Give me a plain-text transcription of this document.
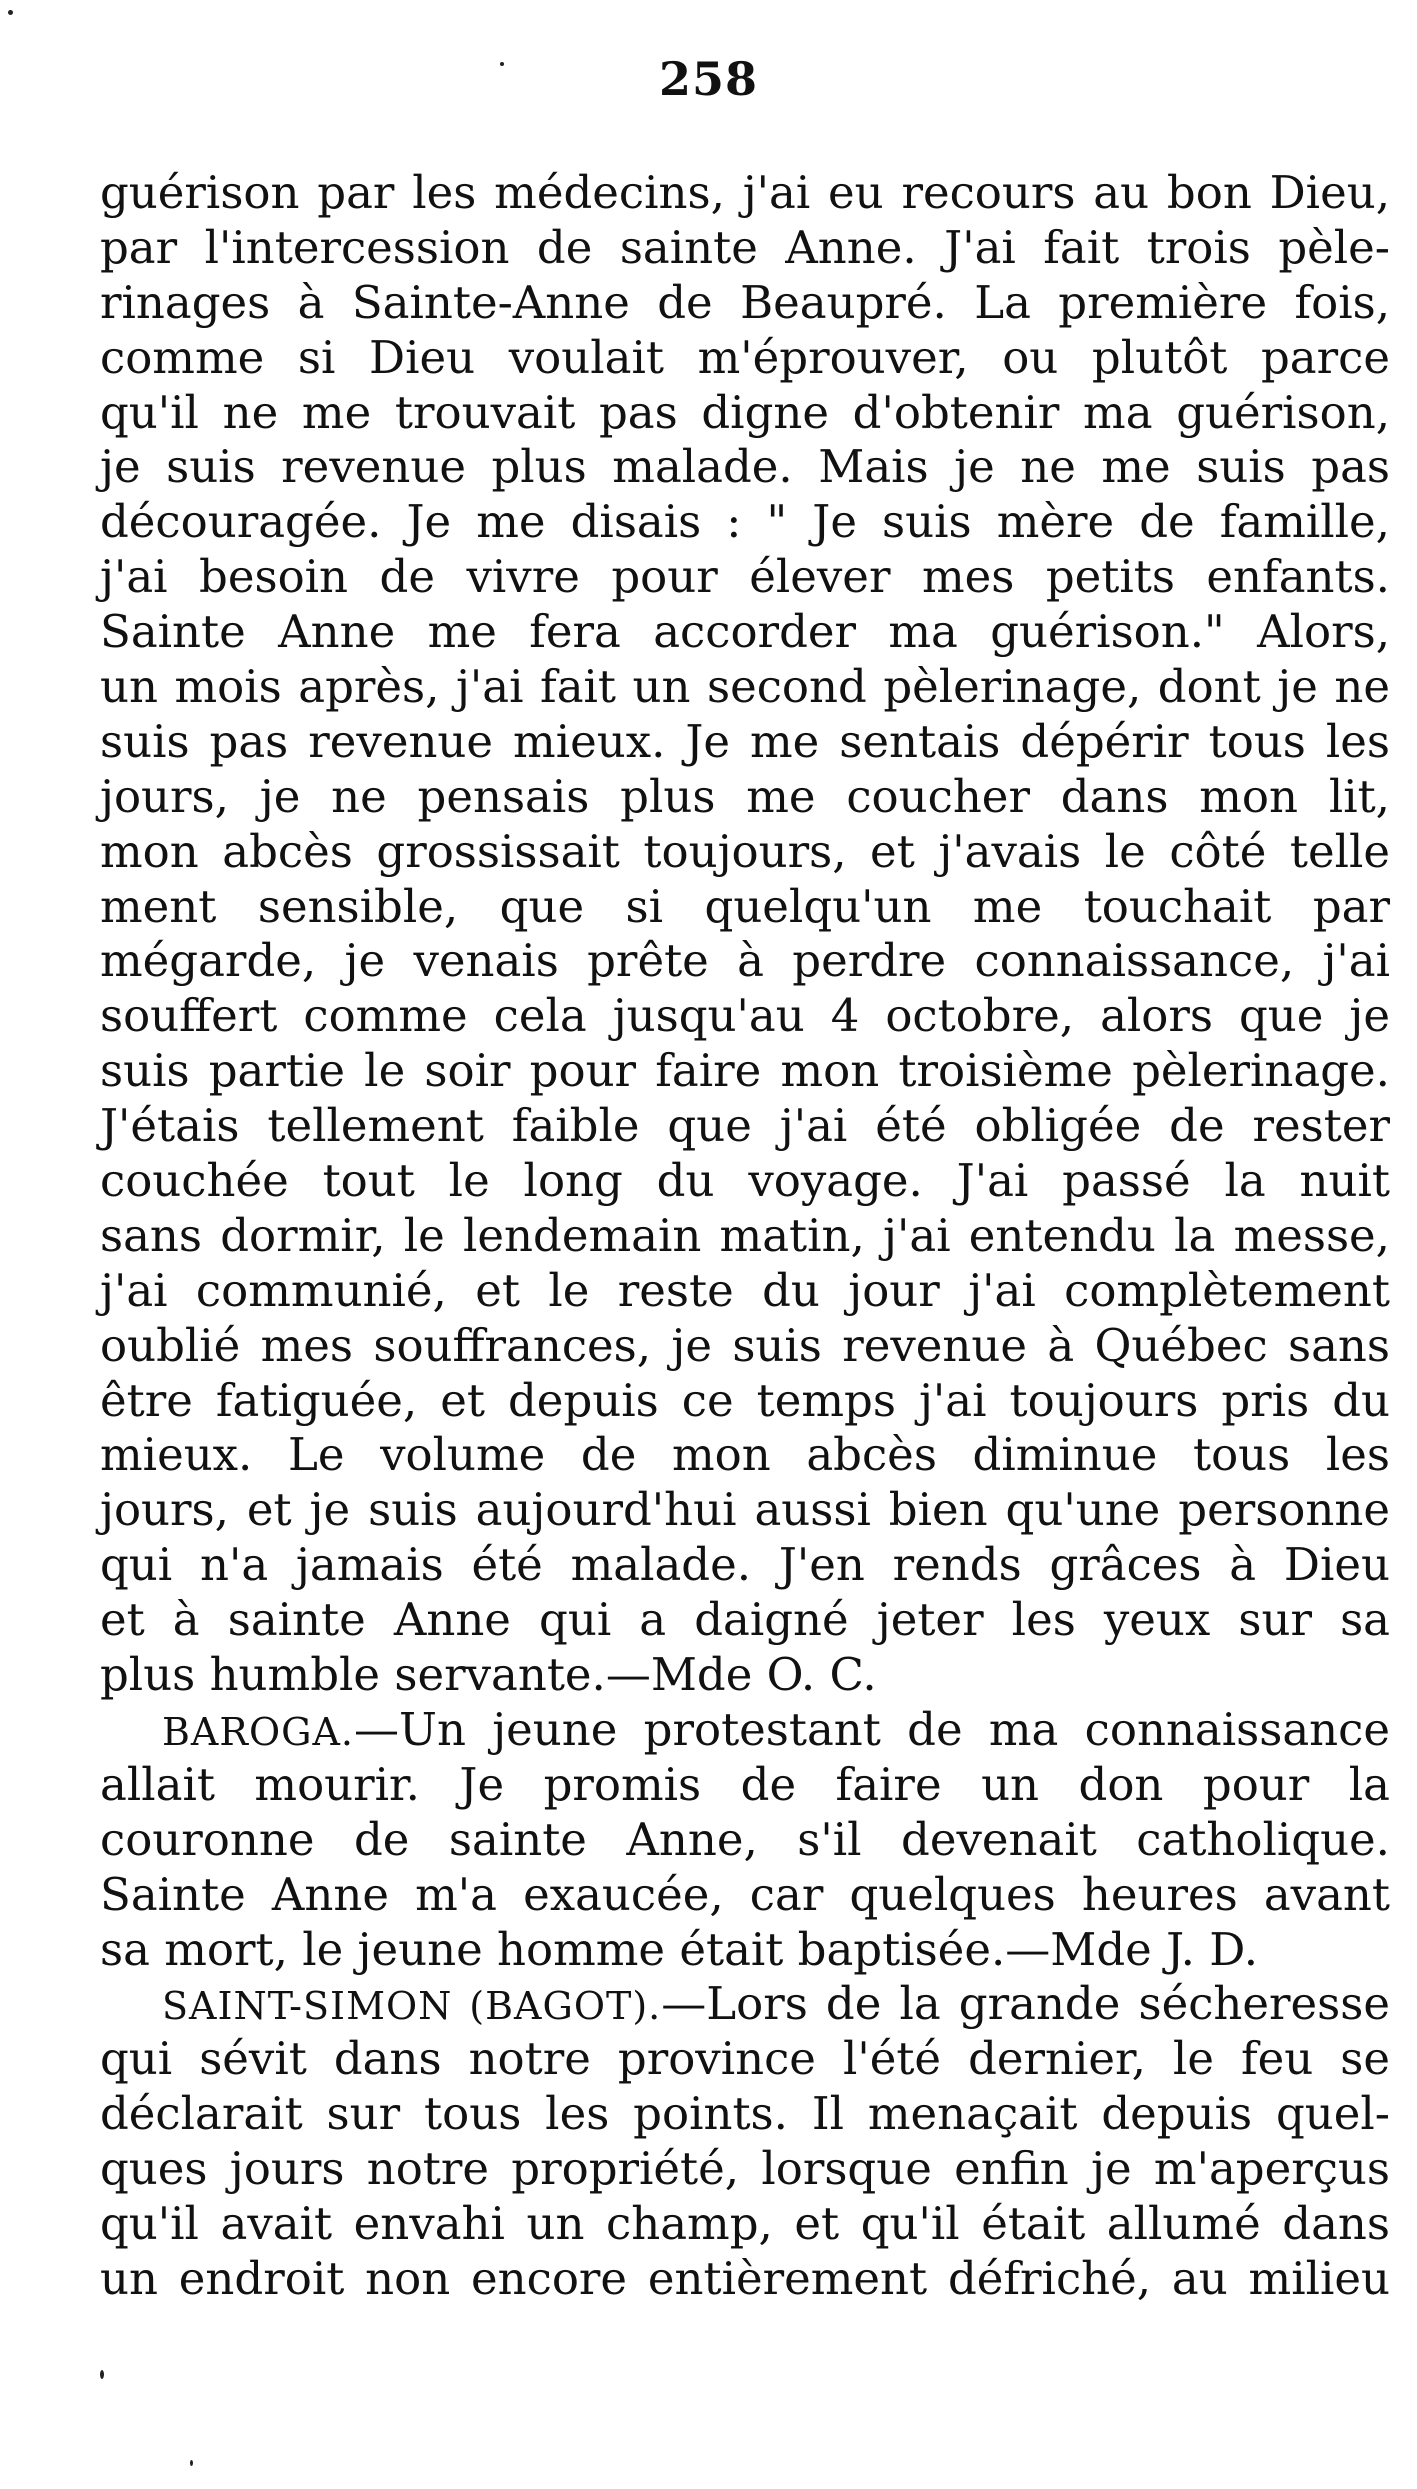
258
guérison par les médecins, j'ai eu recours au bon Dieu,
par l'intercession de sainte Anne. J'ai fait trois pèle-
rinages à Sainte-Anne de Beaupré. La première fois,
comme si Dieu voulait m'éprouver, ou plutôt parce
qu'il ne me trouvait pas digne d'obtenir ma guérison,
je suis revenue plus malade. Mais je ne me suis pas
découragée. Je me disais : " Je suis mère de famille,
j'ai besoin de vivre pour élever mes petits enfants.
Sainte Anne me fera accorder ma guérison." Alors,
un mois après, j'ai fait un second pèlerinage, dont je ne
suis pas revenue mieux. Je me sentais dépérir tous les
jours, je ne pensais plus me coucher dans mon lit,
mon abcès grossissait toujours, et j'avais le côté telle
ment sensible, que si quelqu'un me touchait par
mégarde, je venais prête à perdre connaissance, j'ai
souffert comme cela jusqu'au 4 octobre, alors que je
suis partie le soir pour faire mon troisième pèlerinage.
J'étais tellement faible que j'ai été obligée de rester
couchée tout le long du voyage. J'ai passé la nuit
sans dormir, le lendemain matin, j'ai entendu la messe,
j'ai communié, et le reste du jour j'ai complètement
oublié mes souffrances, je suis revenue à Québec sans
être fatiguée, et depuis ce temps j'ai toujours pris du
mieux. Le volume de mon abcès diminue tous les
jours, et je suis aujourd'hui aussi bien qu'une personne
qui n'a jamais été malade. J'en rends grâces à Dieu
et à sainte Anne qui a daigné jeter les yeux sur sa
plus humble servante.—Mde O. C.
BAROGA.—Un jeune protestant de ma connaissance
allait mourir. Je promis de faire un don pour la
couronne de sainte Anne, s'il devenait catholique.
Sainte Anne m'a exaucée, car quelques heures avant
sa mort, le jeune homme était baptisée.—Mde J. D.
SAINT-SIMON (BAGOT).—Lors de la grande sécheresse
qui sévit dans notre province l'été dernier, le feu se
déclarait sur tous les points. Il menaçait depuis quel-
ques jours notre propriété, lorsque enfin je m'aperçus
qu'il avait envahi un champ, et qu'il était allumé dans
un endroit non encore entièrement défriché, au milieu
